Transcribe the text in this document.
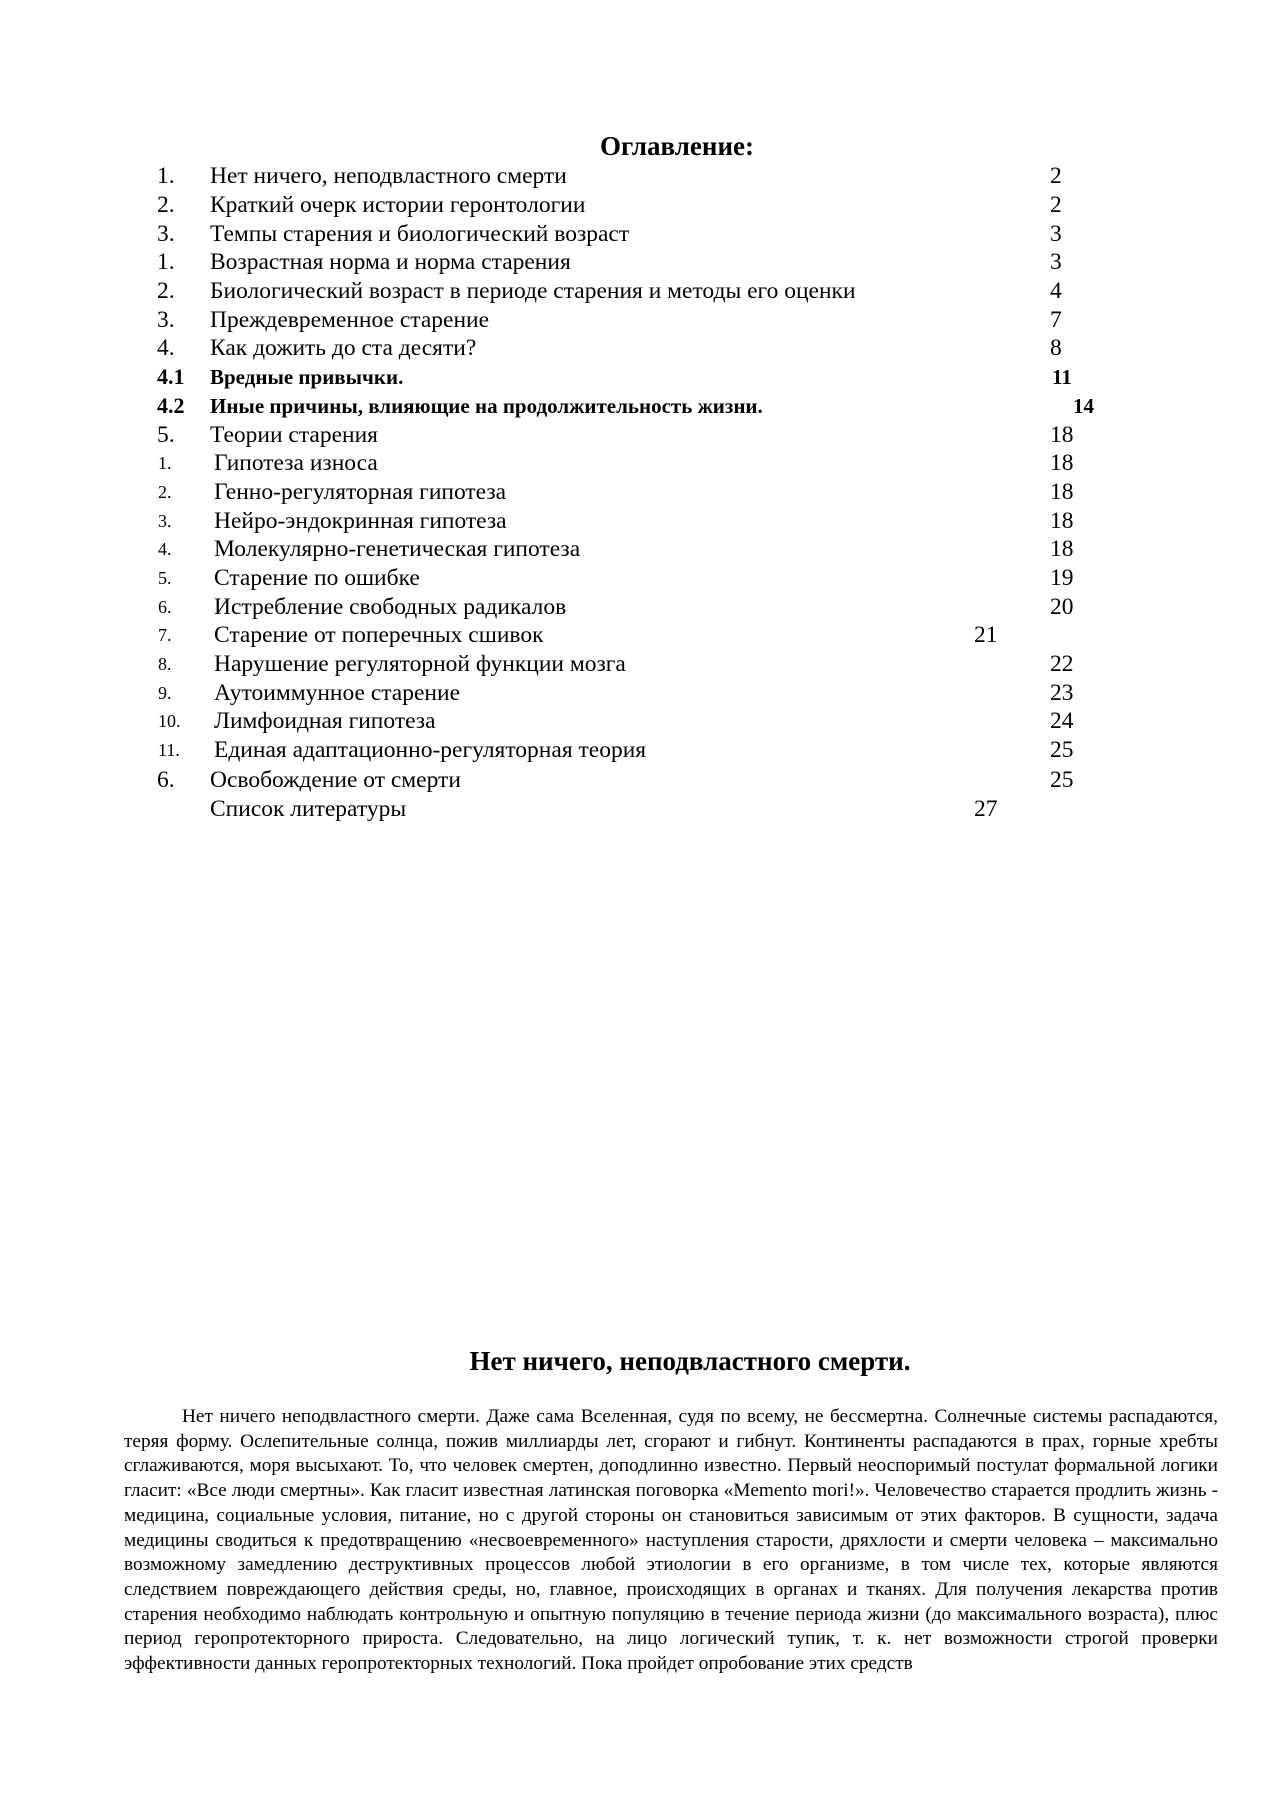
Оглавление:
1. Нет ничего, неподвластного смерти	2
2. Краткий очерк истории геронтологии	2
3. Темпы старения и биологический возраст	3
1. Возрастная норма и норма старения	3
2. Биологический возраст в периоде старения и методы его оценки	4
3. Преждевременное старение	7
4. Как дожить до ста десяти?	8
4.1 Вредные привычки.	11
4.2 Иные причины, влияющие на продолжительность жизни.	14
5. Теории старения	18
1. Гипотеза износа	18
2. Генно-регуляторная гипотеза	18
3. Нейро-эндокринная гипотеза	18
4. Молекулярно-генетическая гипотеза	18
5. Старение по ошибке	19
6. Истребление свободных радикалов	20
7. Старение от поперечных сшивок	21
8. Нарушение регуляторной функции мозга	22
9. Аутоиммунное старение	23
10. Лимфоидная гипотеза	24
11. Единая адаптационно-регуляторная теория	25
6. Освобождение от смерти	25
Список литературы	27
Нет ничего, неподвластного смерти.

Нет ничего неподвластного смерти. Даже сама Вселенная, судя по всему, не бессмертна. Солнечные системы распадаются, теряя форму. Ослепительные солнца, пожив миллиарды лет, сгорают и гибнут. Континенты распадаются в прах, горные хребты сглаживаются, моря высыхают. То, что человек смертен, доподлинно известно. Первый неоспоримый постулат формальной логики гласит: «Все люди смертны». Как гласит известная латинская поговорка «Memento mori!». Человечество старается продлить жизнь - медицина, социальные условия, питание, но с другой стороны он становиться зависимым от этих факторов. В сущности, задача медицины сводиться к предотвращению «несвоевременного» наступления старости, дряхлости и смерти человека – максимально возможному замедлению деструктивных процессов любой этиологии в его организме, в том числе тех, которые являются следствием повреждающего действия среды, но, главное, происходящих в органах и тканях. Для получения лекарства против старения необходимо наблюдать контрольную и опытную популяцию в течение периода жизни (до максимального возраста), плюс период геропротекторного прироста. Следовательно, на лицо логический тупик, т. к. нет возможности строгой проверки эффективности данных геропротекторных технологий. Пока пройдет опробование этих средств
